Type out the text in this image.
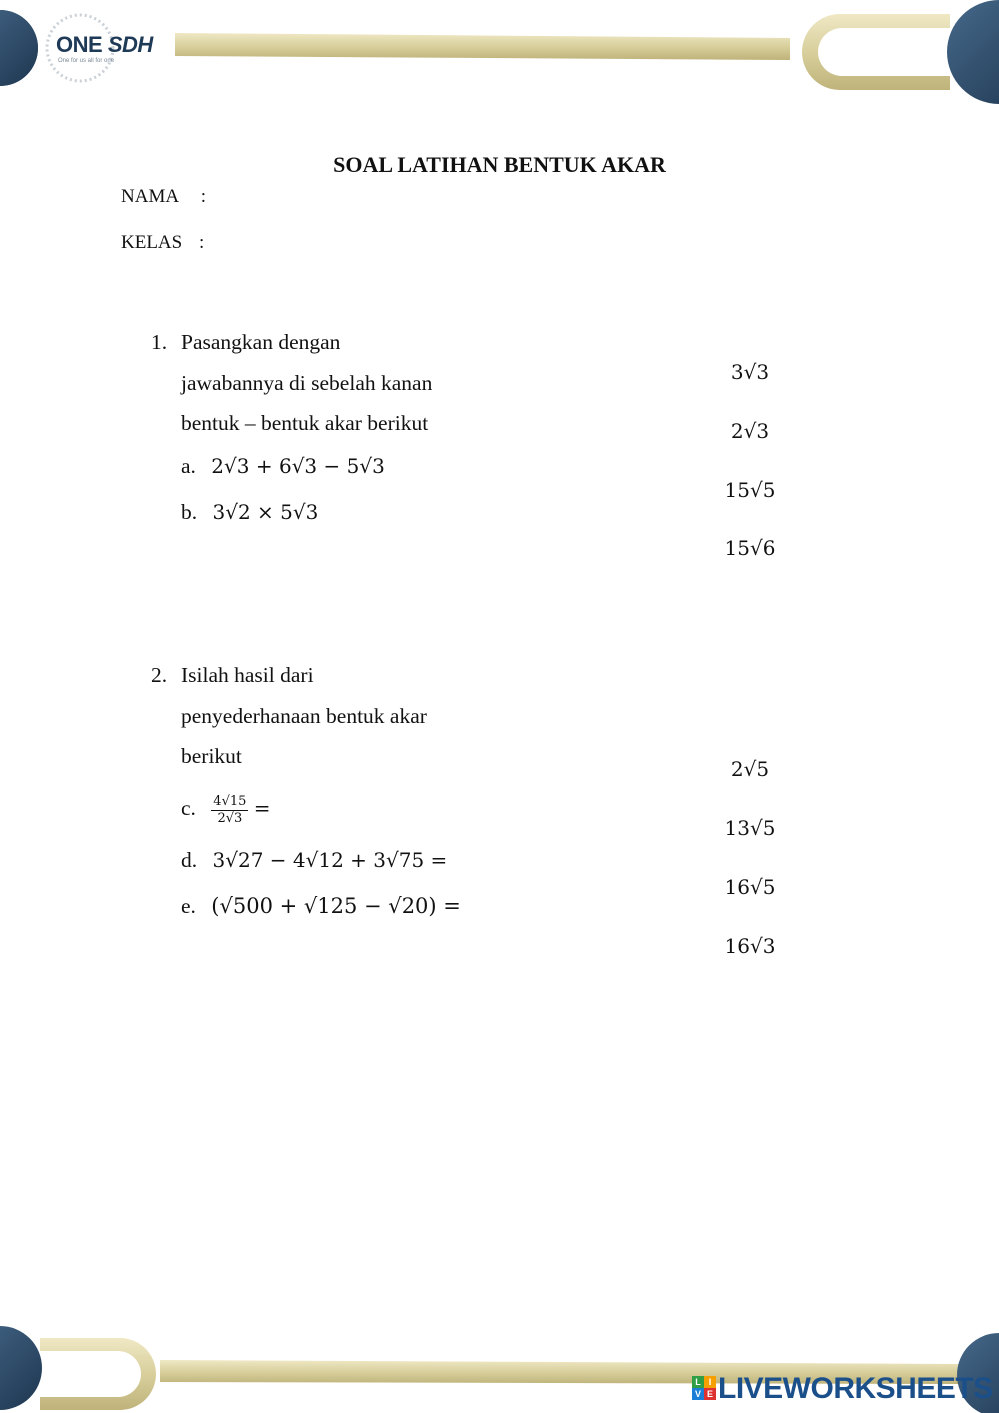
ONE SDH
One for us all for one
SOAL LATIHAN BENTUK AKAR
NAMA :
KELAS :
1. Pasangkan dengan
jawabannya di sebelah kanan
bentuk – bentuk akar berikut
a. 2√3 + 6√3 − 5√3
b. 3√2 × 5√3
3√3
2√3
15√5
15√6
2. Isilah hasil dari
penyederhanaan bentuk akar
berikut
c. $\frac{4√15}{2√3}$ =
d. 3√27 − 4√12 + 3√75 =
e. (√500 + √125 − √20) =
2√5
13√5
16√5
16√3
L I
V E LIVEWORKSHEETS
